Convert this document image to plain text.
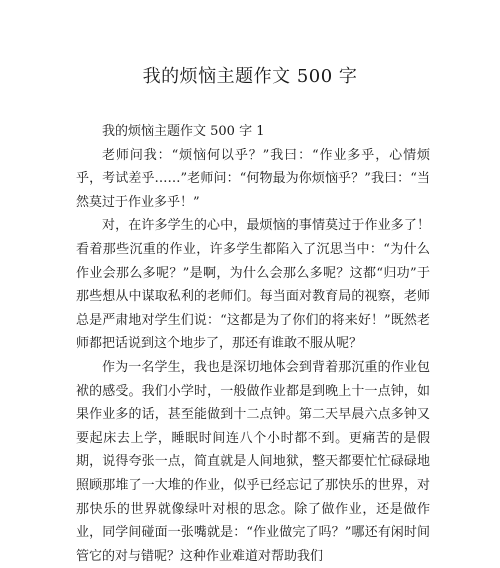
我的烦恼主题作文 500 字

我的烦恼主题作文 500 字 1

老师问我：“烦恼何以乎？”我曰：“作业多乎，心情烦乎，考试差乎……”老师问：“何物最为你烦恼乎？”我曰：“当然莫过于作业多乎！”

对，在许多学生的心中，最烦恼的事情莫过于作业多了！看着那些沉重的作业，许多学生都陷入了沉思当中：“为什么作业会那么多呢？”是啊，为什么会那么多呢？这都“归功”于那些想从中谋取私利的老师们。每当面对教育局的视察，老师总是严肃地对学生们说：“这都是为了你们的将来好！”既然老师都把话说到这个地步了，那还有谁敢不服从呢？

作为一名学生，我也是深切地体会到背着那沉重的作业包袱的感受。我们小学时，一般做作业都是到晚上十一点钟，如果作业多的话，甚至能做到十二点钟。第二天早晨六点多钟又要起床去上学，睡眠时间连八个小时都不到。更痛苦的是假期，说得夸张一点，简直就是人间地狱，整天都要忙忙碌碌地照顾那堆了一大堆的作业，似乎已经忘记了那快乐的世界，对那快乐的世界就像绿叶对根的思念。除了做作业，还是做作业，同学间碰面一张嘴就是：“作业做完了吗？”哪还有闲时间管它的对与错呢？这种作业难道对帮助我们
